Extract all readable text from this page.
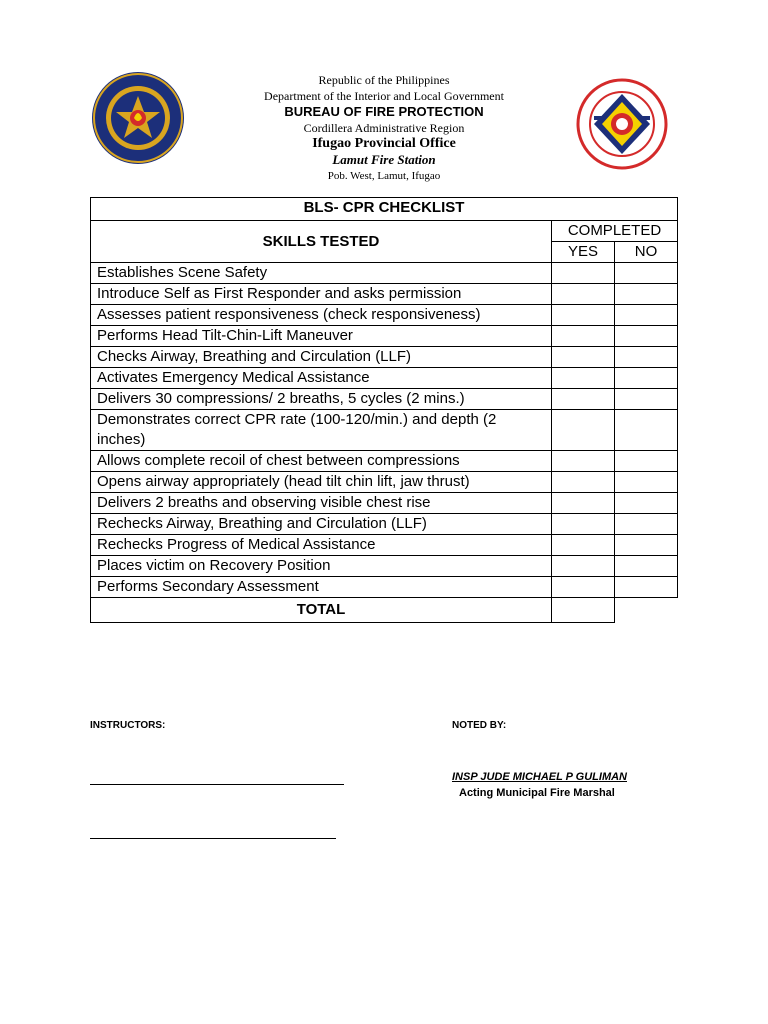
Republic of the Philippines
Department of the Interior and Local Government
BUREAU OF FIRE PROTECTION
Cordillera Administrative Region
Ifugao Provincial Office
Lamut Fire Station
Pob. West, Lamut, Ifugao
BLS- CPR CHECKLIST		
SKILLS TESTED	COMPLETED	
	YES	NO
Establishes Scene Safety		
Introduce Self as First Responder and asks permission		
Assesses patient responsiveness (check responsiveness)		
Performs Head Tilt-Chin-Lift Maneuver		
Checks Airway, Breathing and Circulation (LLF)		
Activates Emergency Medical Assistance		
Delivers 30 compressions/ 2 breaths, 5 cycles (2 mins.)		
Demonstrates correct CPR rate (100-120/min.) and depth (2 inches)		
Allows complete recoil of chest between compressions		
Opens airway appropriately (head tilt chin lift, jaw thrust)		
Delivers 2 breaths and observing visible chest rise		
Rechecks Airway, Breathing and Circulation (LLF)		
Rechecks Progress of Medical Assistance		
Places victim on Recovery Position		
Performs Secondary Assessment		
TOTAL		
INSTRUCTORS:	NOTED BY:
INSP JUDE MICHAEL P GULIMAN
Acting Municipal Fire Marshal
